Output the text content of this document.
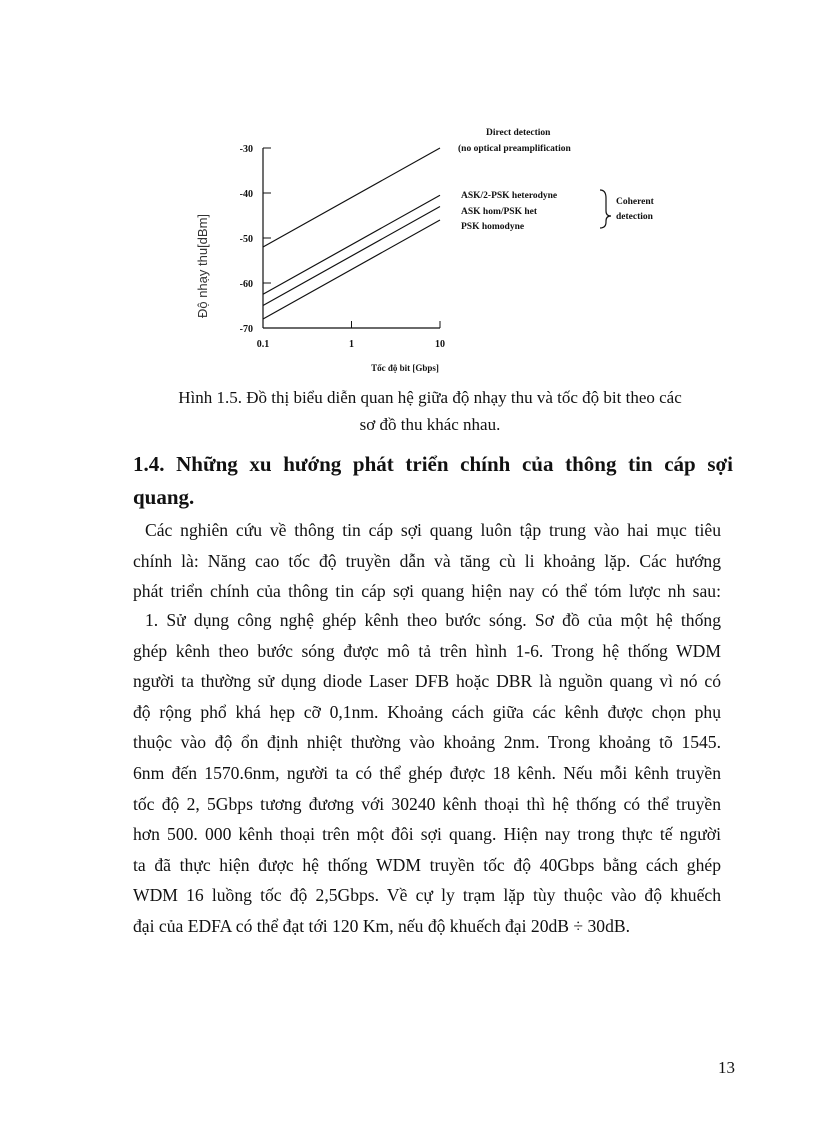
-30
-40
-50
-60
-70
0.1	1	10
Độ nhạy thu[dBm]
Tốc độ bit [Gbps]
Direct detection
(no optical preamplification
ASK/2-PSK heterodyne
ASK hom/PSK het
PSK homodyne
Coherent
detection
Hình 1.5. Đồ thị biểu diễn quan hệ giữa độ nhạy thu và tốc độ bit theo các
sơ đồ thu khác nhau.
1.4. Những xu hướng phát triển chính của thông tin cáp sợi
quang.
Các nghiên cứu về thông tin cáp sợi quang luôn tập trung vào hai mục tiêu
chính là: Năng cao tốc độ truyền dẫn và tăng cù li khoảng lặp. Các hướng
phát triển chính của thông tin cáp sợi quang hiện nay có thể tóm lược nh sau:
1. Sử dụng công nghệ ghép kênh theo bước sóng. Sơ đồ của một hệ thống
ghép kênh theo bước sóng được mô tả trên hình 1-6. Trong hệ thống WDM
người ta thường sử dụng diode Laser DFB hoặc DBR là nguồn quang vì nó có
độ rộng phổ khá hẹp cỡ 0,1nm. Khoảng cách giữa các kênh được chọn phụ
thuộc vào độ ổn định nhiệt thường vào khoảng 2nm. Trong khoảng tõ 1545.
6nm đến 1570.6nm, người ta có thể ghép được 18 kênh. Nếu mỗi kênh truyền
tốc độ 2, 5Gbps tương đương với 30240 kênh thoại thì hệ thống có thể truyền
hơn 500. 000 kênh thoại trên một đôi sợi quang. Hiện nay trong thực tế người
ta đã thực hiện được hệ thống WDM truyền tốc độ 40Gbps bằng cách ghép
WDM 16 luồng tốc độ 2,5Gbps. Về cự ly trạm lặp tùy thuộc vào độ khuếch
đại của EDFA có thể đạt tới 120 Km, nếu độ khuếch đại 20dB ÷ 30dB.
13
